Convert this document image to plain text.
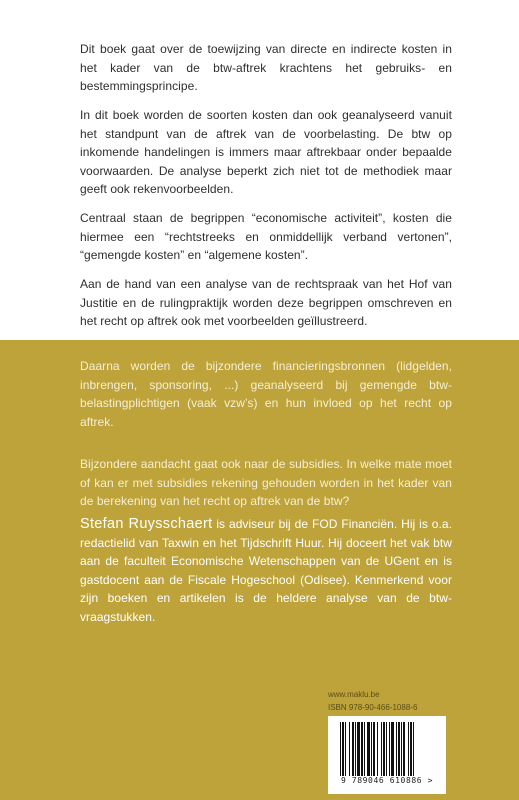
Dit boek gaat over de toewijzing van directe en indirecte kosten in het kader van de btw-aftrek krachtens het gebruiks- en bestemmingsprincipe.
In dit boek worden de soorten kosten dan ook geanalyseerd vanuit het standpunt van de aftrek van de voorbelasting. De btw op inkomende handelingen is immers maar aftrekbaar onder bepaalde voorwaarden. De analyse beperkt zich niet tot de methodiek maar geeft ook rekenvoorbeelden.
Centraal staan de begrippen “economische activiteit”, kosten die hiermee een “rechtstreeks en onmiddellijk verband vertonen”, “gemengde kosten” en “algemene kosten”.
Aan de hand van een analyse van de rechtspraak van het Hof van Justitie en de rulingpraktijk worden deze begrippen omschreven en het recht op aftrek ook met voorbeelden geïllustreerd.
Daarna worden de bijzondere financieringsbronnen (lidgelden, inbrengen, sponsoring, ...) geanalyseerd bij gemengde btw-belastingplichtigen (vaak vzw’s) en hun invloed op het recht op aftrek.
Bijzondere aandacht gaat ook naar de subsidies. In welke mate moet of kan er met subsidies rekening gehouden worden in het kader van de berekening van het recht op aftrek van de btw?
Stefan Ruysschaert is adviseur bij de FOD Financiën. Hij is o.a. redactielid van Taxwin en het Tijdschrift Huur. Hij doceert het vak btw aan de faculteit Economische Wetenschappen van de UGent en is gastdocent aan de Fiscale Hogeschool (Odisee). Kenmerkend voor zijn boeken en artikelen is de heldere analyse van de btw-vraagstukken.
www.maklu.be
ISBN 978-90-466-1088-6
9 789046 610886 >
